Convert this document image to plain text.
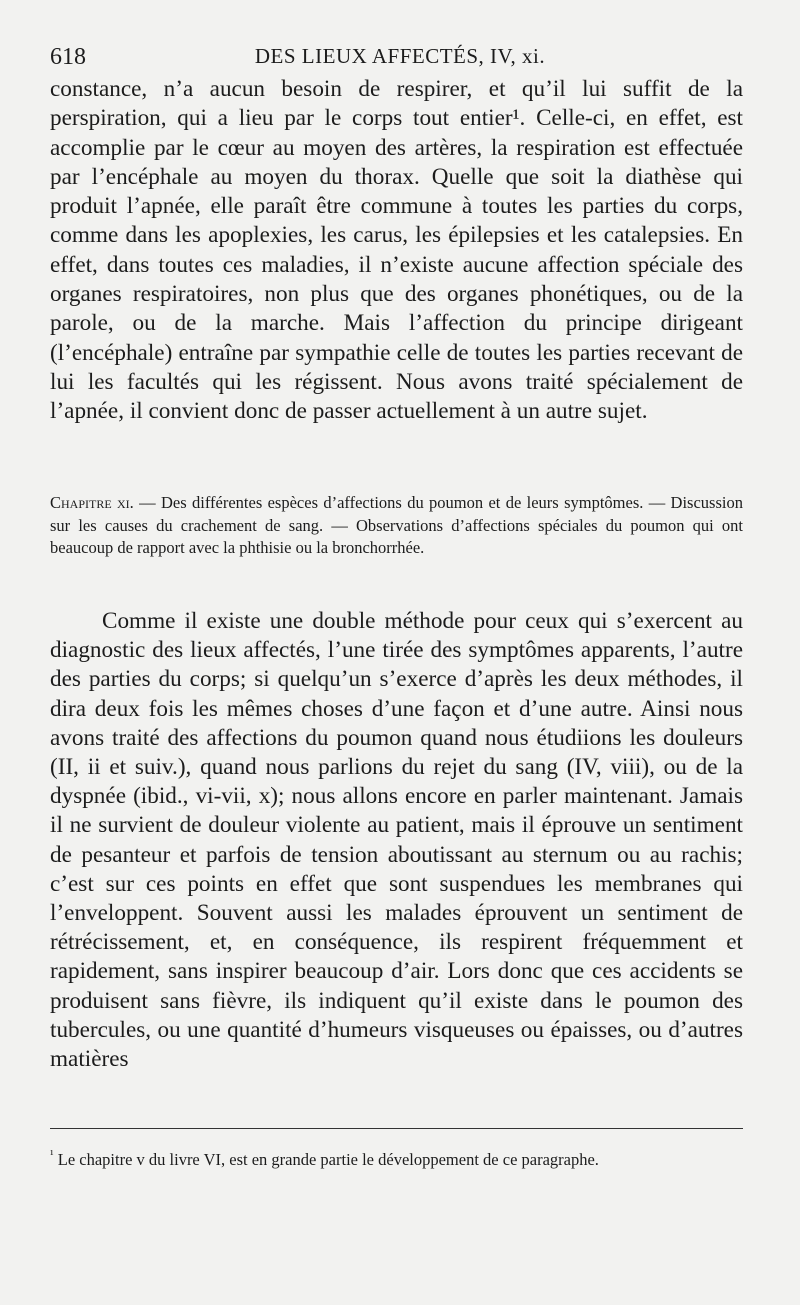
618	DES LIEUX AFFECTÉS, IV, xi.

constance, n’a aucun besoin de respirer, et qu’il lui suffit de la perspiration, qui a lieu par le corps tout entier¹. Celle-ci, en effet, est accomplie par le cœur au moyen des artères, la respiration est effectuée par l’encéphale au moyen du thorax. Quelle que soit la diathèse qui produit l’apnée, elle paraît être commune à toutes les parties du corps, comme dans les apoplexies, les carus, les épilepsies et les catalepsies. En effet, dans toutes ces maladies, il n’existe aucune affection spéciale des organes respiratoires, non plus que des organes phonétiques, ou de la parole, ou de la marche. Mais l’affection du principe dirigeant (l’encéphale) entraîne par sympathie celle de toutes les parties recevant de lui les facultés qui les régissent. Nous avons traité spécialement de l’apnée, il convient donc de passer actuellement à un autre sujet.

Chapitre xi. — Des différentes espèces d’affections du poumon et de leurs symptômes. — Discussion sur les causes du crachement de sang. — Observations d’affections spéciales du poumon qui ont beaucoup de rapport avec la phthisie ou la bronchorrhée.

Comme il existe une double méthode pour ceux qui s’exercent au diagnostic des lieux affectés, l’une tirée des symptômes apparents, l’autre des parties du corps; si quelqu’un s’exerce d’après les deux méthodes, il dira deux fois les mêmes choses d’une façon et d’une autre. Ainsi nous avons traité des affections du poumon quand nous étudiions les douleurs (II, ii et suiv.), quand nous parlions du rejet du sang (IV, viii), ou de la dyspnée (ibid., vi-vii, x); nous allons encore en parler maintenant. Jamais il ne survient de douleur violente au patient, mais il éprouve un sentiment de pesanteur et parfois de tension aboutissant au sternum ou au rachis; c’est sur ces points en effet que sont suspendues les membranes qui l’enveloppent. Souvent aussi les malades éprouvent un sentiment de rétrécissement, et, en conséquence, ils respirent fréquemment et rapidement, sans inspirer beaucoup d’air. Lors donc que ces accidents se produisent sans fièvre, ils indiquent qu’il existe dans le poumon des tubercules, ou une quantité d’humeurs visqueuses ou épaisses, ou d’autres matières

$^{^1}$ Le chapitre v du livre VI, est en grande partie le développement de ce paragraphe.
